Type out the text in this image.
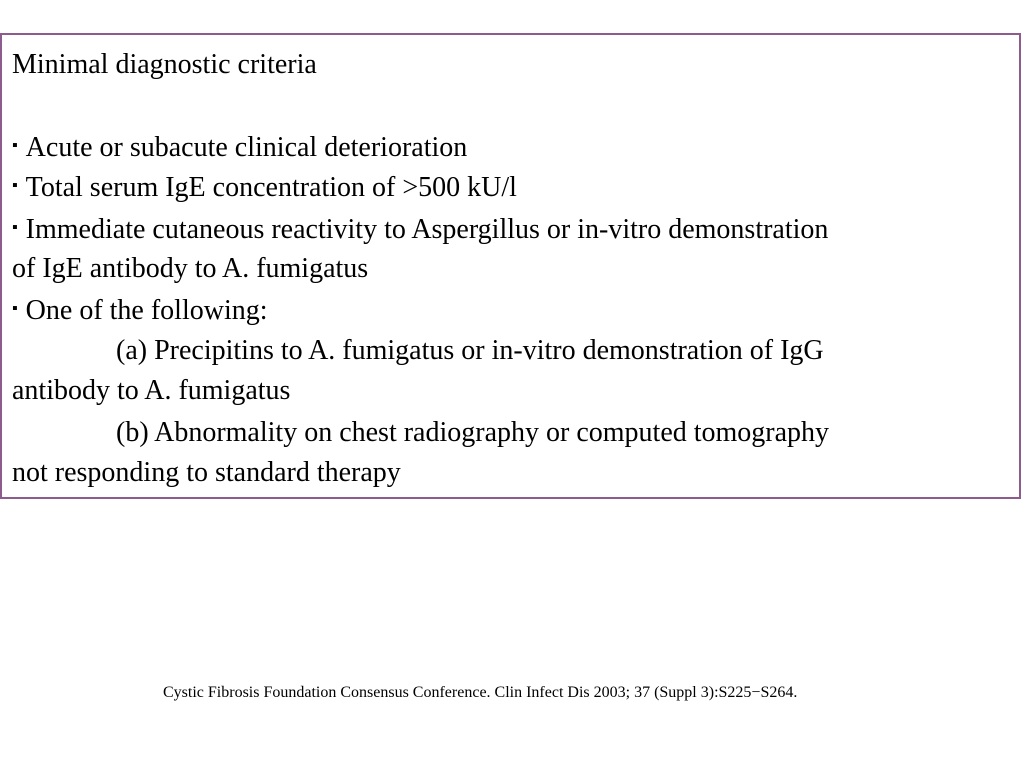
Minimal diagnostic criteria
▪ Acute or subacute clinical deterioration
▪ Total serum IgE concentration of >500 kU/l
▪ Immediate cutaneous reactivity to Aspergillus or in-vitro demonstration
of IgE antibody to A. fumigatus
▪ One of the following:
(a) Precipitins to A. fumigatus or in-vitro demonstration of IgG
antibody to A. fumigatus
(b) Abnormality on chest radiography or computed tomography
not responding to standard therapy
Cystic Fibrosis Foundation Consensus Conference. Clin Infect Dis 2003; 37 (Suppl 3):S225−S264.
